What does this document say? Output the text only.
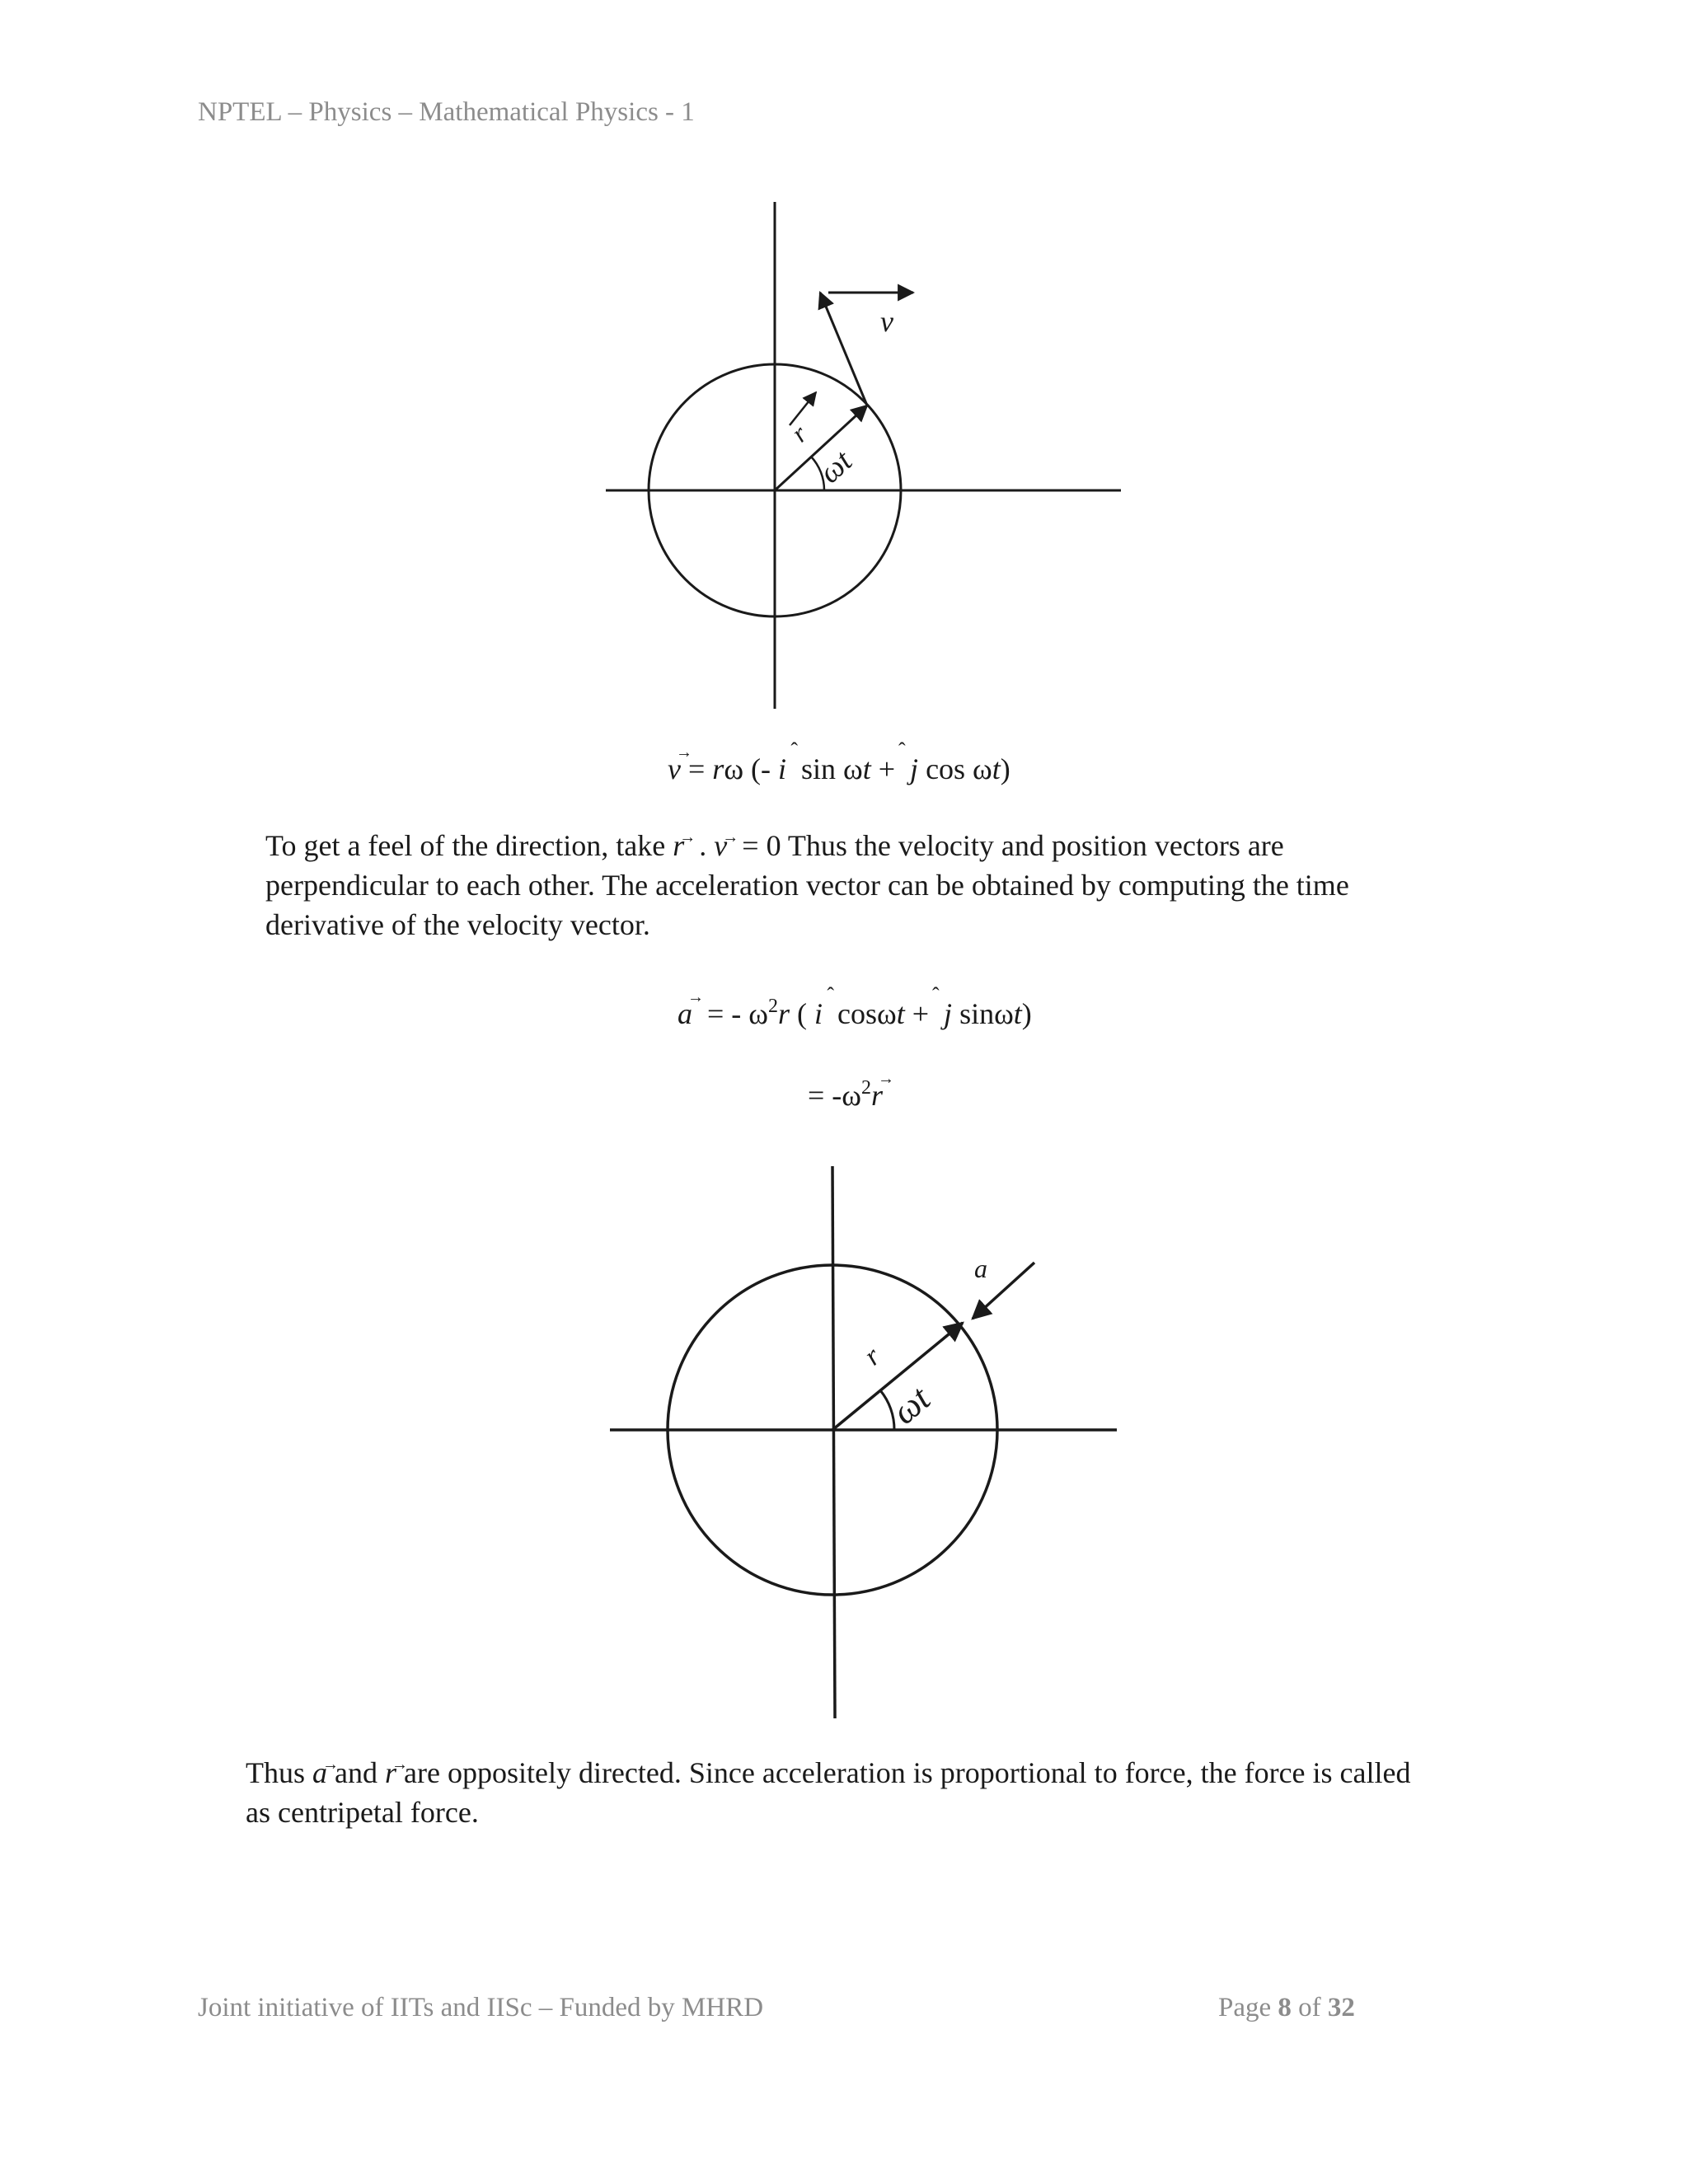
NPTEL – Physics – Mathematical Physics - 1
v
r
ωt
v → = rω (- i ˆ  sin ωt +  ˆ j cos ωt)

To get a feel of the direction, take r →  . v →  = 0 Thus the velocity and position vectors are

perpendicular to each other. The acceleration vector can be obtained by computing the time

derivative of the velocity vector.

a →  = - $\omega^2r$ ( i ˆ  cosωt +  ˆ j sinωt)
= $-\omega^2r$ →
a
r
ωt

Thus a → and r → are oppositely directed. Since acceleration is proportional to force, the force is called

as centripetal force.

Joint initiative of IITs and IISc – Funded by MHRD	Page 8 of 32
